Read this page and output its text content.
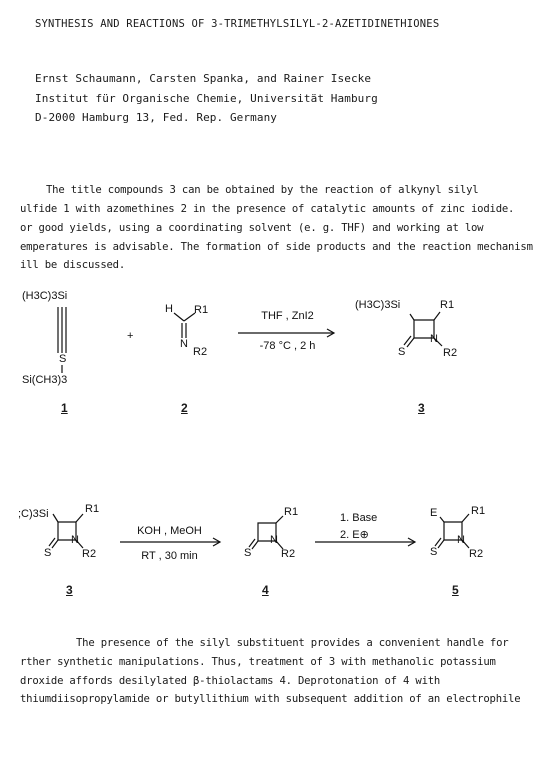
SYNTHESIS AND REACTIONS OF 3-TRIMETHYLSILYL-2-AZETIDINETHIONES
Ernst Schaumann, Carsten Spanka, and Rainer Isecke
Institut für Organische Chemie, Universität Hamburg
D-2000 Hamburg 13, Fed. Rep. Germany
The title compounds 3 can be obtained by the reaction of alkynyl silyl
ulfide 1 with azomethines 2 in the presence of catalytic amounts of zinc iodide.
or good yields, using a coordinating solvent (e. g. THF) and working at low
emperatures is advisable. The formation of side products and the reaction mechanism
ill be discussed.
(H3C)3Si
S
Si(CH3)3
1
+
H R1
N
R2
2
THF , ZnI2
-78 °C , 2 h
(H3C)3Si	R1
S
N
R2
3
;C)3Si	R1
S
N
R2
3
KOH , MeOH
RT , 30 min
R1
S
N
R2
4
1. Base
2. E⊕
E	R1
S
N
R2
5
The presence of the silyl substituent provides a convenient handle for
rther synthetic manipulations. Thus, treatment of 3 with methanolic potassium
droxide affords desilylated β-thiolactams 4. Deprotonation of 4 with
thiumdiisopropylamide or butyllithium with subsequent addition of an electrophile
